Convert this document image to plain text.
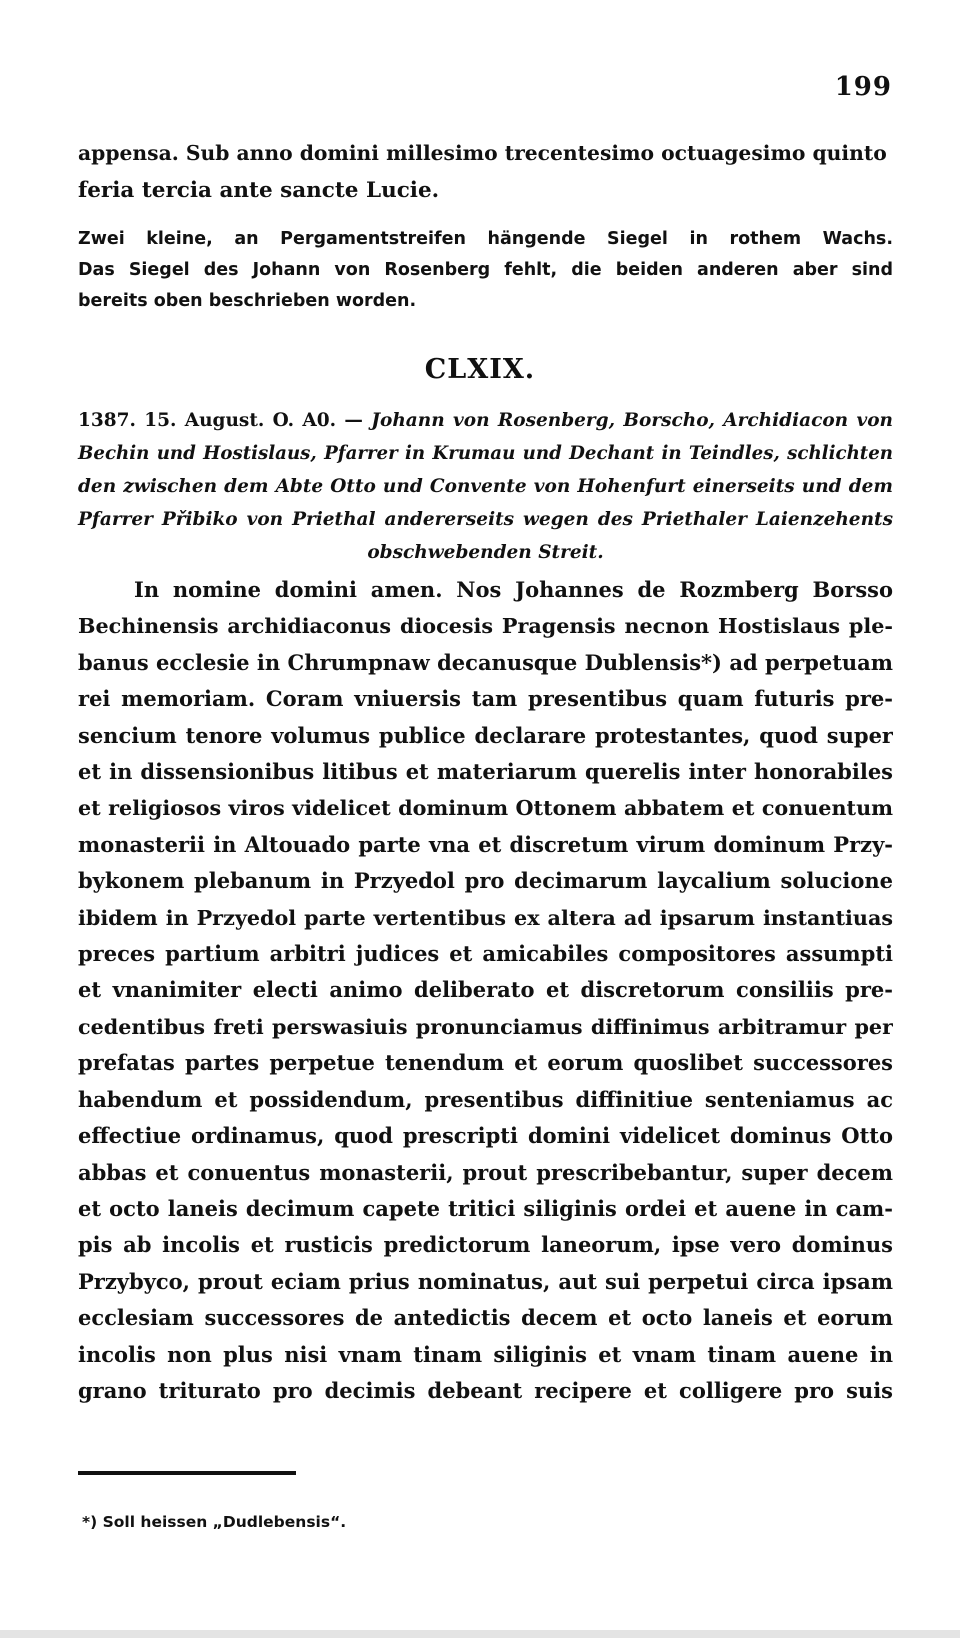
199
appensa. Sub anno domini millesimo trecentesimo octuagesimo quinto
feria tercia ante sancte Lucie.
Zwei kleine, an Pergamentstreifen hängende Siegel in rothem Wachs.
Das Siegel des Johann von Rosenberg fehlt, die beiden anderen aber sind
bereits oben beschrieben worden.
CLXIX.
1387. 15. August. O. A0. — Johann von Rosenberg, Borscho, Archidiacon von
Bechin und Hostislaus, Pfarrer in Krumau und Dechant in Teindles, schlichten
den zwischen dem Abte Otto und Convente von Hohenfurt einerseits und dem
Pfarrer Přibiko von Priethal andererseits wegen des Priethaler Laienzehents
obschwebenden Streit.
In nomine domini amen. Nos Johannes de Rozmberg Borsso
Bechinensis archidiaconus diocesis Pragensis necnon Hostislaus ple-
banus ecclesie in Chrumpnaw decanusque Dublensis*) ad perpetuam
rei memoriam. Coram vniuersis tam presentibus quam futuris pre-
sencium tenore volumus publice declarare protestantes, quod super
et in dissensionibus litibus et materiarum querelis inter honorabiles
et religiosos viros videlicet dominum Ottonem abbatem et conuentum
monasterii in Altouado parte vna et discretum virum dominum Przy-
bykonem plebanum in Przyedol pro decimarum laycalium solucione
ibidem in Przyedol parte vertentibus ex altera ad ipsarum instantiuas
preces partium arbitri judices et amicabiles compositores assumpti
et vnanimiter electi animo deliberato et discretorum consiliis pre-
cedentibus freti perswasiuis pronunciamus diffinimus arbitramur per
prefatas partes perpetue tenendum et eorum quoslibet successores
habendum et possidendum, presentibus diffinitiue senteniamus ac
effectiue ordinamus, quod prescripti domini videlicet dominus Otto
abbas et conuentus monasterii, prout prescribebantur, super decem
et octo laneis decimum capete tritici siliginis ordei et auene in cam-
pis ab incolis et rusticis predictorum laneorum, ipse vero dominus
Przybyco, prout eciam prius nominatus, aut sui perpetui circa ipsam
ecclesiam successores de antedictis decem et octo laneis et eorum
incolis non plus nisi vnam tinam siliginis et vnam tinam auene in
grano triturato pro decimis debeant recipere et colligere pro suis
*) Soll heissen „Dudlebensis“.
